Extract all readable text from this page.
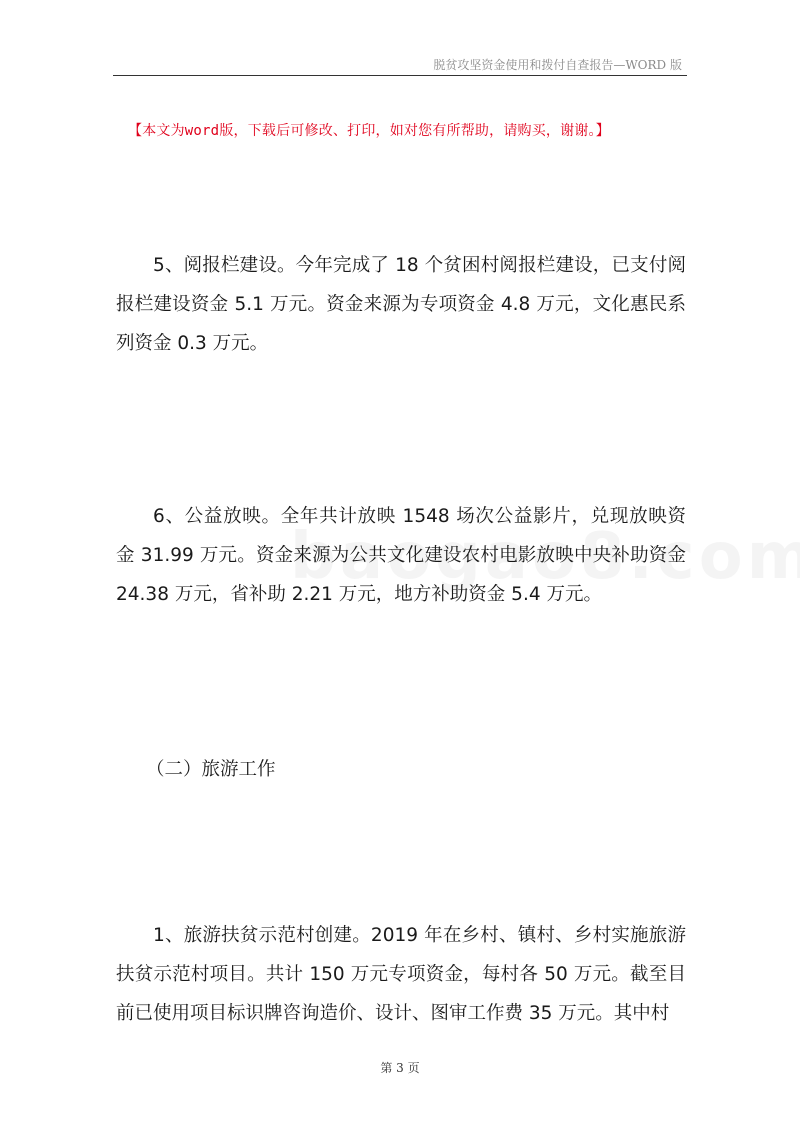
脱贫攻坚资金使用和拨付自查报告—WORD 版
【本文为word版，下载后可修改、打印，如对您有所帮助，请购买，谢谢。】

5、阅报栏建设。今年完成了 18 个贫困村阅报栏建设，已支付阅报栏建设资金 5.1 万元。资金来源为专项资金 4.8 万元，文化惠民系列资金 0.3 万元。

6、公益放映。全年共计放映 1548 场次公益影片，兑现放映资金 31.99 万元。资金来源为公共文化建设农村电影放映中央补助资金 24.38 万元，省补助 2.21 万元，地方补助资金 5.4 万元。

（二）旅游工作

1、旅游扶贫示范村创建。2019 年在乡村、镇村、乡村实施旅游扶贫示范村项目。共计 150 万元专项资金，每村各 50 万元。截至目前已使用项目标识牌咨询造价、设计、图审工作费 35 万元。其中村

第 3 页
